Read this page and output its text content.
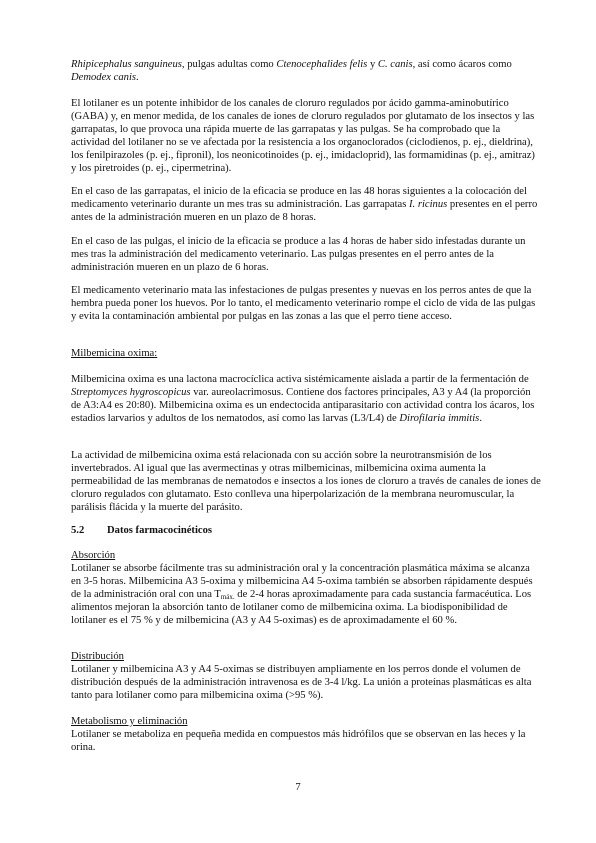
Rhipicephalus sanguineus, pulgas adultas como Ctenocephalides felis y C. canis, así como ácaros como Demodex canis.

El lotilaner es un potente inhibidor de los canales de cloruro regulados por ácido gamma-aminobutírico (GABA) y, en menor medida, de los canales de iones de cloruro regulados por glutamato de los insectos y las garrapatas, lo que provoca una rápida muerte de las garrapatas y las pulgas. Se ha comprobado que la actividad del lotilaner no se ve afectada por la resistencia a los organoclorados (ciclodienos, p. ej., dieldrina), los fenilpirazoles (p. ej., fipronil), los neonicotinoides (p. ej., imidacloprid), las formamidinas (p. ej., amitraz) y los piretroides (p. ej., cipermetrina).

En el caso de las garrapatas, el inicio de la eficacia se produce en las 48 horas siguientes a la colocación del medicamento veterinario durante un mes tras su administración. Las garrapatas I. ricinus presentes en el perro antes de la administración mueren en un plazo de 8 horas.

En el caso de las pulgas, el inicio de la eficacia se produce a las 4 horas de haber sido infestadas durante un mes tras la administración del medicamento veterinario. Las pulgas presentes en el perro antes de la administración mueren en un plazo de 6 horas.

El medicamento veterinario mata las infestaciones de pulgas presentes y nuevas en los perros antes de que la hembra pueda poner los huevos. Por lo tanto, el medicamento veterinario rompe el ciclo de vida de las pulgas y evita la contaminación ambiental por pulgas en las zonas a las que el perro tiene acceso.

Milbemicina oxima:

Milbemicina oxima es una lactona macrocíclica activa sistémicamente aislada a partir de la fermentación de Streptomyces hygroscopicus var. aureolacrimosus. Contiene dos factores principales, A3 y A4 (la proporción de A3:A4 es 20:80). Milbemicina oxima es un endectocida antiparasitario con actividad contra los ácaros, los estadios larvarios y adultos de los nematodos, así como las larvas (L3/L4) de Dirofilaria immitis.

La actividad de milbemicina oxima está relacionada con su acción sobre la neurotransmisión de los invertebrados. Al igual que las avermectinas y otras milbemicinas, milbemicina oxima aumenta la permeabilidad de las membranas de nematodos e insectos a los iones de cloruro a través de canales de iones de cloruro regulados con glutamato. Esto conlleva una hiperpolarización de la membrana neuromuscular, la parálisis flácida y la muerte del parásito.

5.2 Datos farmacocinéticos

Absorción

Lotilaner se absorbe fácilmente tras su administración oral y la concentración plasmática máxima se alcanza en 3-5 horas. Milbemicina A3 5-oxima y milbemicina A4 5-oxima también se absorben rápidamente después de la administración oral con una $T_{máx.}$ de 2-4 horas aproximadamente para cada sustancia farmacéutica. Los alimentos mejoran la absorción tanto de lotilaner como de milbemicina oxima. La biodisponibilidad de lotilaner es el 75 % y de milbemicina (A3 y A4 5-oximas) es de aproximadamente el 60 %.

Distribución

Lotilaner y milbemicina A3 y A4 5-oximas se distribuyen ampliamente en los perros donde el volumen de distribución después de la administración intravenosa es de 3-4 l/kg. La unión a proteínas plasmáticas es alta tanto para lotilaner como para milbemicina oxima (>95 %).

Metabolismo y eliminación

Lotilaner se metaboliza en pequeña medida en compuestos más hidrófilos que se observan en las heces y la orina.

7
